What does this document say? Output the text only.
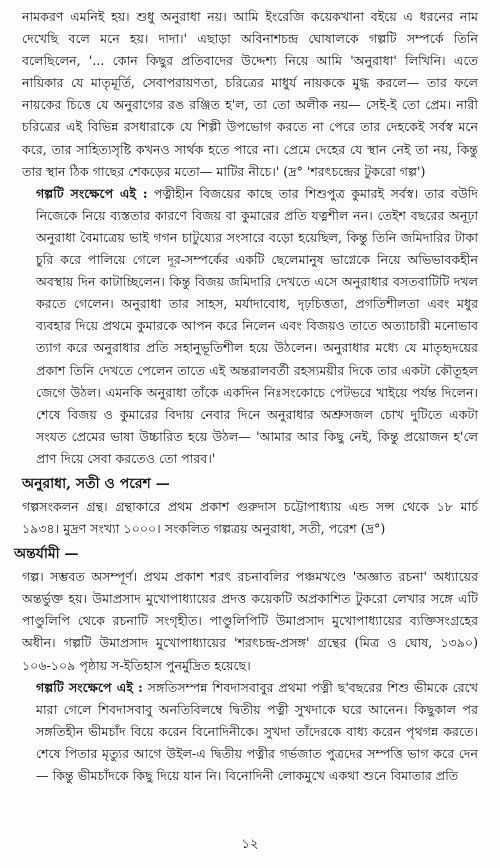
নামকরণ এমনিই হয়। শুধু অনুরাধা নয়। আমি ইংরেজি কয়েকখানা বইয়ে এ ধরনের নাম দেখেছি বলে মনে হয়। দাদা।' এছাড়া অবিনাশচন্দ্র ঘোষালকে গল্পটি সম্পর্কে তিনি বলেছিলেন, '... কোন কিছুর প্রতিবাদের উদ্দেশ্য নিয়ে আমি 'অনুরাধা' লিখিনি। এতে নায়িকার যে মাতৃমূর্তি, সেবাপরায়ণতা, চরিত্রের মাধুর্য নায়ককে মুগ্ধ করলে— তার ফলে নায়কের চিত্তে যে অনুরাগের রঙ রঞ্জিত হ'ল, তা তো অলীক নয়— সেই-ই তো প্রেম। নারী চরিত্রের এই বিভিন্ন রসধারাকে যে শিল্পী উপভোগ করতে না পেরে তার দেহকেই সর্বস্ব মনে করে, তার সাহিত্যসৃষ্টি কখনও সার্থক হতে পারে না। প্রেমে দেহের যে স্থান নেই তা নয়, কিন্তু তার স্থান ঠিক গাছের শেকড়ের মতো— মাটির নীচে।' (দ্র° 'শরৎচন্দ্রের টুকরো গল্প')

গল্পটি সংক্ষেপে এই : পত্নীহীন বিজয়ের কাছে তার শিশুপুত্র কুমারই সর্বস্ব। তার বউদি নিজেকে নিয়ে ব্যস্ততার কারণে বিজয় বা কুমারের প্রতি যত্নশীল নন। তেইশ বছরের অনূঢ়া অনুরাধা বৈমাত্রেয় ভাই গগন চাটুয্যের সংসারে বড়ো হয়েছিল, কিন্তু তিনি জমিদারির টাকা চুরি করে পালিয়ে গেলে দূর-সম্পর্কের একটি ছেলেমানুষ ভাগ্নেকে নিয়ে অভিভাবকহীন অবস্থায় দিন কাটাচ্ছিলেন। কিন্তু বিজয় জমিদারি দেখতে এসে অনুরাধার বসতবাটিটি দখল করতে গেলেন। অনুরাধা তার সাহস, মর্যাদাবোধ, দৃঢ়চিত্ততা, প্রগতিশীলতা এবং মধুর ব্যবহার দিয়ে প্রথমে কুমারকে আপন করে নিলেন এবং বিজয়ও তাতে অত্যাচারী মনোভাব ত্যাগ করে অনুরাধার প্রতি সহানুভূতিশীল হয়ে উঠলেন। অনুরাধার মধ্যে যে মাতৃহৃদয়ের প্রকাশ তিনি দেখতে পেলেন তাতে এই অন্তরালবর্তী রহস্যময়ীর দিকে তার একটা কৌতূহল জেগে উঠল। এমনকি অনুরাধা তাঁকে একদিন নিঃসংকোচে পেটভরে খাইয়ে পর্যন্ত দিলেন। শেষে বিজয় ও কুমারের বিদায় নেবার দিনে অনুরাধার অশ্রুসজল চোখ দুটিতে একটা সংযত প্রেমের ভাষা উচ্চারিত হয়ে উঠল— 'আমার আর কিছু নেই, কিন্তু প্রয়োজন হ'লে প্রাণ দিয়ে সেবা করতেও তো পারব।'

অনুরাধা, সতী ও পরেশ —

গল্পসংকলন গ্রন্থ। গ্রন্থাকারে প্রথম প্রকাশ গুরুদাস চট্টোপাধ্যায় এন্ড সন্স থেকে ১৮ মার্চ ১৯৩৪। মুদ্রণ সংখ্যা ১০০০। সংকলিত গল্পত্রয় অনুরাধা, সতী, পরেশ (দ্র°)

অন্তর্যামী —

গল্প। সম্ভবত অসম্পূর্ণ। প্রথম প্রকাশ শরৎ রচনাবলির পঞ্চমখণ্ডে 'অজ্ঞাত রচনা' অধ্যায়ের অন্তর্ভুক্ত হয়। উমাপ্রসাদ মুখোপাধ্যায়ের প্রদত্ত কয়েকটি অপ্রকাশিত টুকরো লেখার সঙ্গে এটি পাণ্ডুলিপি থেকে রচনাটি সংগৃহীত। পাণ্ডুলিপিটি উমাপ্রসাদ মুখোপাধ্যায়ের ব্যক্তিসংগ্রহের অধীন। গল্পটি উমাপ্রসাদ মুখোপাধ্যায়ের 'শরৎচন্দ্র-প্রসঙ্গ' গ্রন্থের (মিত্র ও ঘোষ, ১৩৯০) ১০৬-১০৯ পৃষ্ঠায় স-ইতিহাস পুনর্মুদ্রিত হয়েছে।

গল্পটি সংক্ষেপে এই : সঙ্গতিসম্পন্ন শিবদাসবাবুর প্রথমা পত্নী ছ'বছরের শিশু ভীমকে রেখে মারা গেলে শিবদাসবাবু অনতিবিলম্বে দ্বিতীয় পত্নী সুখদাকে ঘরে আনেন। কিছুকাল পর সঙ্গতিহীন ভীমচাঁদ বিয়ে করেন বিনোদিনীকে। সুখদা তাঁদেরকে বাধ্য করেন পৃথগন্ন করতে। শেষে পিতার মৃত্যুর আগে উইল-এ দ্বিতীয় পত্নীর গর্ভজাত পুত্রদের সম্পত্তি ভাগ করে দেন— কিন্তু ভীমচাঁদকে কিছু দিয়ে যান নি। বিনোদিনী লোকমুখে একথা শুনে বিমাতার প্রতি

১২
